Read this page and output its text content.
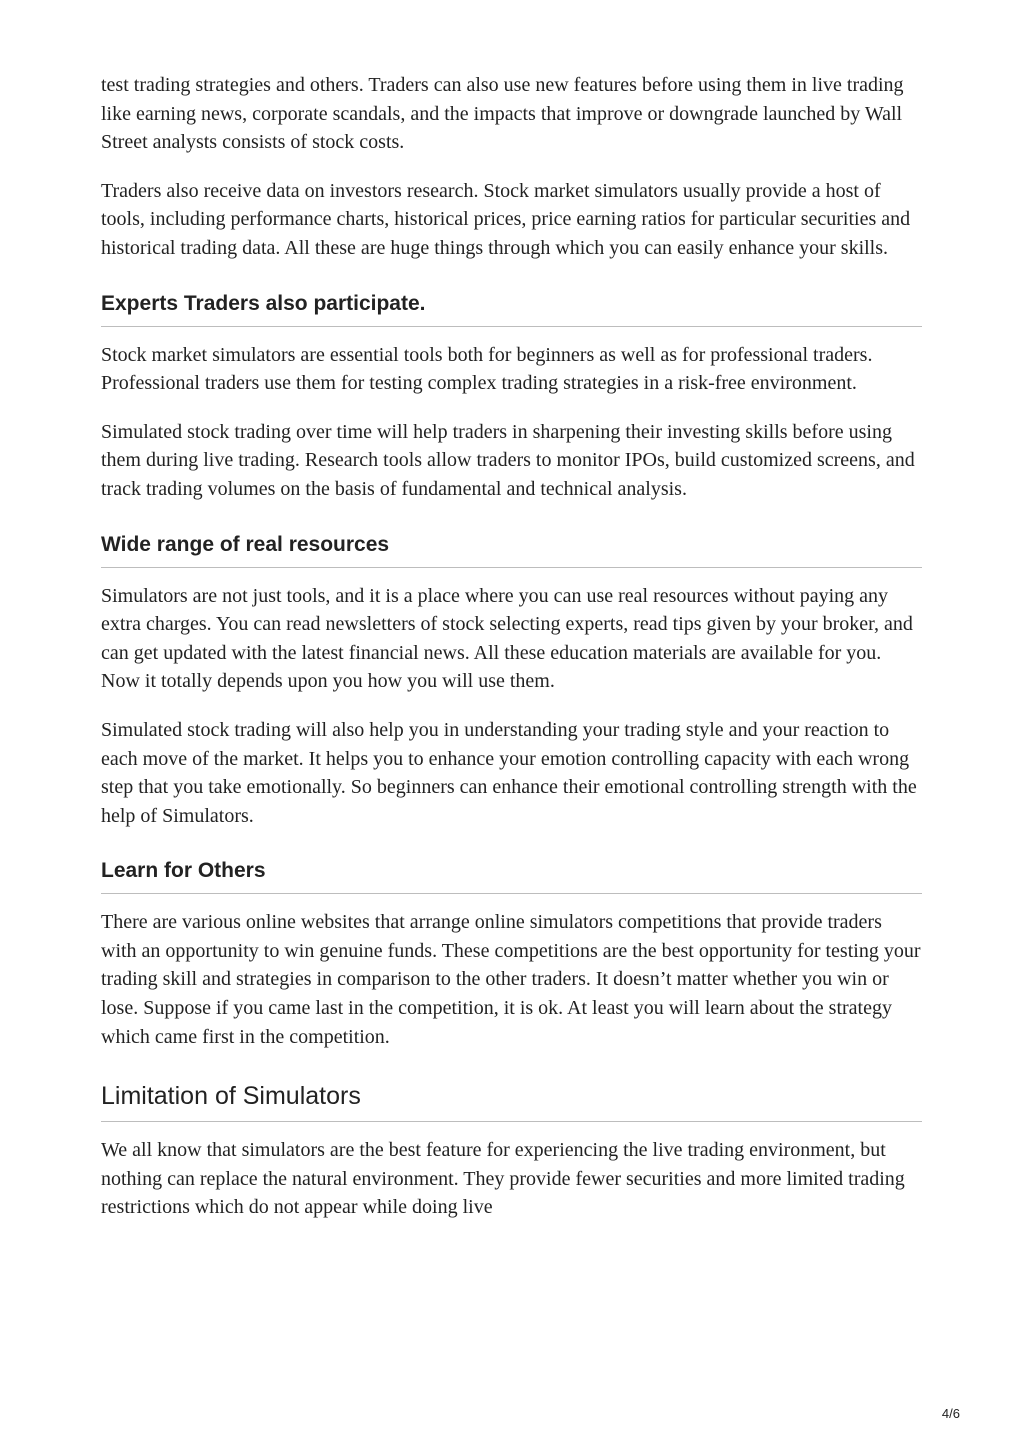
test trading strategies and others. Traders can also use new features before using them in live trading like earning news, corporate scandals, and the impacts that improve or downgrade launched by Wall Street analysts consists of stock costs.

Traders also receive data on investors research. Stock market simulators usually provide a host of tools, including performance charts, historical prices, price earning ratios for particular securities and historical trading data. All these are huge things through which you can easily enhance your skills.

Experts Traders also participate.

Stock market simulators are essential tools both for beginners as well as for professional traders. Professional traders use them for testing complex trading strategies in a risk-free environment.

Simulated stock trading over time will help traders in sharpening their investing skills before using them during live trading. Research tools allow traders to monitor IPOs, build customized screens, and track trading volumes on the basis of fundamental and technical analysis.

Wide range of real resources

Simulators are not just tools, and it is a place where you can use real resources without paying any extra charges. You can read newsletters of stock selecting experts, read tips given by your broker, and can get updated with the latest financial news. All these education materials are available for you. Now it totally depends upon you how you will use them.

Simulated stock trading will also help you in understanding your trading style and your reaction to each move of the market. It helps you to enhance your emotion controlling capacity with each wrong step that you take emotionally. So beginners can enhance their emotional controlling strength with the help of Simulators.

Learn for Others

There are various online websites that arrange online simulators competitions that provide traders with an opportunity to win genuine funds. These competitions are the best opportunity for testing your trading skill and strategies in comparison to the other traders. It doesn’t matter whether you win or lose. Suppose if you came last in the competition, it is ok. At least you will learn about the strategy which came first in the competition.

Limitation of Simulators

We all know that simulators are the best feature for experiencing the live trading environment, but nothing can replace the natural environment. They provide fewer securities and more limited trading restrictions which do not appear while doing live

4/6
